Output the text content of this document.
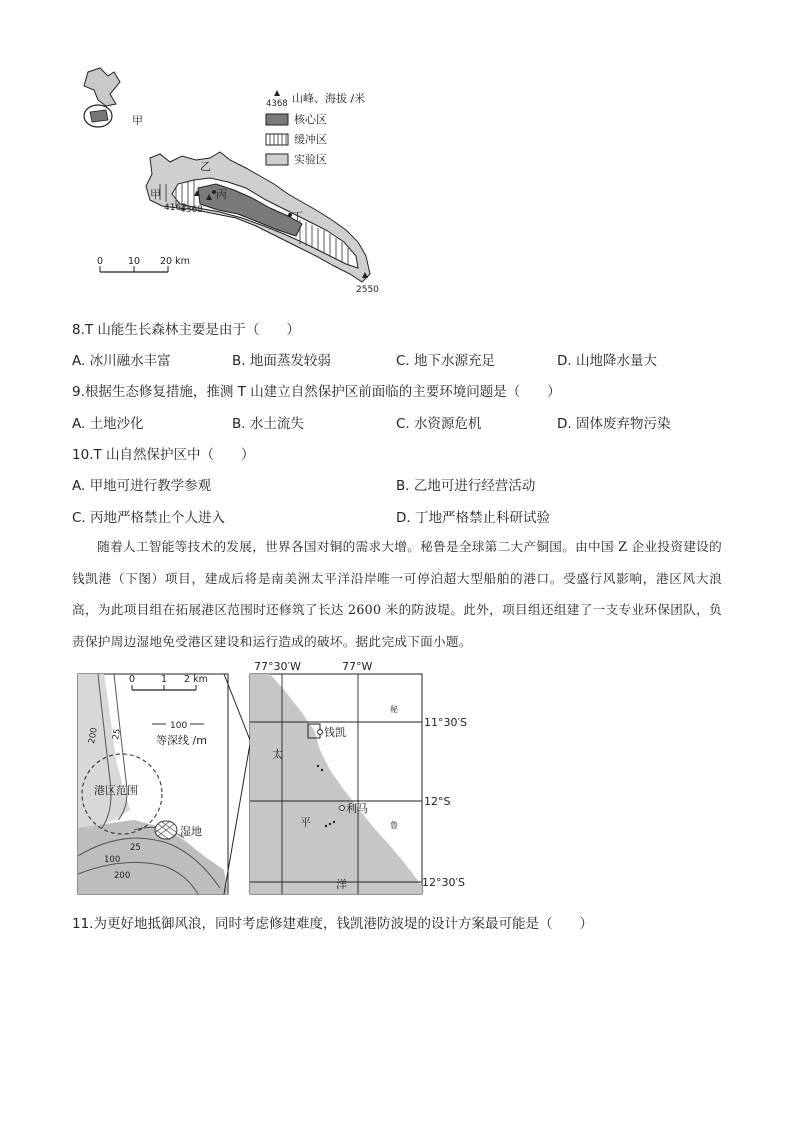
甲
甲
丙
丁
乙
4162
4368
2550
0	10 20 km
4368 山峰、海拔 /米
核心区
缓冲区
实验区
8.T 山能生长森林主要是由于（　　）
A. 冰川融水丰富	B. 地面蒸发较弱	C. 地下水源充足	D. 山地降水量大
9.根据生态修复措施，推测 T 山建立自然保护区前面临的主要环境问题是（　　）
A. 土地沙化	B. 水土流失	C. 水资源危机	D. 固体废弃物污染
10.T 山自然保护区中（　　）
A. 甲地可进行教学参观	B. 乙地可进行经营活动
C. 丙地严格禁止个人进入	D. 丁地严格禁止科研试验
随着人工智能等技术的发展，世界各国对铜的需求大增。秘鲁是全球第二大产铜国。由中国 Z 企业投资建设的钱凯港（下图）项目，建成后将是南美洲太平洋沿岸唯一可停泊超大型船舶的港口。受盛行风影响，港区风大浪高，为此项目组在拓展港区范围时还修筑了长达 2600 米的防波堤。此外，项目组还组建了一支专业环保团队，负责保护周边湿地免受港区建设和运行造成的破坏。据此完成下面小题。
0	1 2 km
100
等深线 /m
港区范围
湿地
200 25
25
100
200
77°30′W	77°W
11°30′S
12°S
12°30′S
钱凯
利马
太
平
洋
秘
鲁
11.为更好地抵御风浪，同时考虑修建难度，钱凯港防波堤的设计方案最可能是（　　）
